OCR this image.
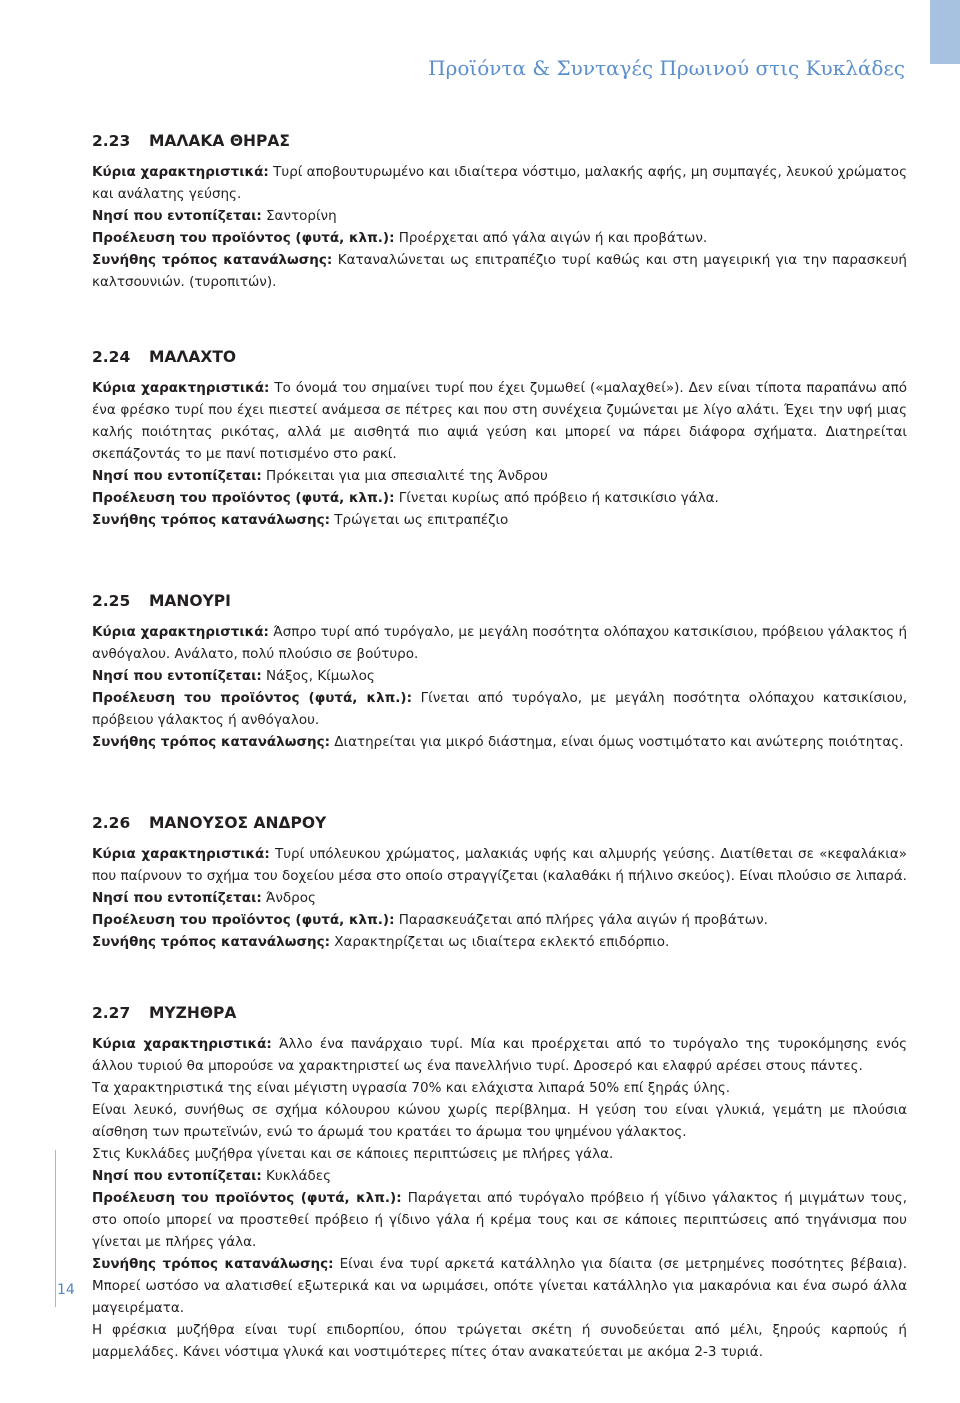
Προϊόντα & Συνταγές Πρωινού στις Κυκλάδες
2.23 ΜΑΛΑΚΑ ΘΗΡΑΣ

Κύρια χαρακτηριστικά: Τυρί αποβουτυρωμένο και ιδιαίτερα νόστιμο, μαλακής αφής, μη συμπαγές, λευκού χρώματος και ανάλατης γεύσης.

Νησί που εντοπίζεται: Σαντορίνη

Προέλευση του προϊόντος (φυτά, κλπ.): Προέρχεται από γάλα αιγών ή και προβάτων.

Συνήθης τρόπος κατανάλωσης: Καταναλώνεται ως επιτραπέζιο τυρί καθώς και στη μαγειρική για την παρασκευή καλτσουνιών. (τυροπιτών).

2.24 ΜΑΛΑΧΤΟ

Κύρια χαρακτηριστικά: Το όνομά του σημαίνει τυρί που έχει ζυμωθεί («μαλαχθεί»). Δεν είναι τίποτα παραπάνω από ένα φρέσκο τυρί που έχει πιεστεί ανάμεσα σε πέτρες και που στη συνέχεια ζυμώνεται με λίγο αλάτι. Έχει την υφή μιας καλής ποιότητας ρικότας, αλλά με αισθητά πιο αψιά γεύση και μπορεί να πάρει διάφορα σχήματα. Διατηρείται σκεπάζοντάς το με πανί ποτισμένο στο ρακί.

Νησί που εντοπίζεται: Πρόκειται για μια σπεσιαλιτέ της Άνδρου

Προέλευση του προϊόντος (φυτά, κλπ.): Γίνεται κυρίως από πρόβειο ή κατσικίσιο γάλα.

Συνήθης τρόπος κατανάλωσης: Τρώγεται ως επιτραπέζιο

2.25 ΜΑΝΟΥΡΙ

Κύρια χαρακτηριστικά: Άσπρο τυρί από τυρόγαλο, με μεγάλη ποσότητα ολόπαχου κατσικίσιου, πρόβειου γάλακτος ή ανθόγαλου. Ανάλατο, πολύ πλούσιο σε βούτυρο.

Νησί που εντοπίζεται: Νάξος, Κίμωλος

Προέλευση του προϊόντος (φυτά, κλπ.): Γίνεται από τυρόγαλο, με μεγάλη ποσότητα ολόπαχου κατσικίσιου, πρόβειου γάλακτος ή ανθόγαλου.

Συνήθης τρόπος κατανάλωσης: Διατηρείται για μικρό διάστημα, είναι όμως νοστιμότατο και ανώτερης ποιότητας.

2.26 ΜΑΝΟΥΣΟΣ ΑΝΔΡΟΥ

Κύρια χαρακτηριστικά: Τυρί υπόλευκου χρώματος, μαλακιάς υφής και αλμυρής γεύσης. Διατίθεται σε «κεφαλάκια» που παίρνουν το σχήμα του δοχείου μέσα στο οποίο στραγγίζεται (καλαθάκι ή πήλινο σκεύος). Είναι πλούσιο σε λιπαρά.

Νησί που εντοπίζεται: Άνδρος

Προέλευση του προϊόντος (φυτά, κλπ.): Παρασκευάζεται από πλήρες γάλα αιγών ή προβάτων.

Συνήθης τρόπος κατανάλωσης: Χαρακτηρίζεται ως ιδιαίτερα εκλεκτό επιδόρπιο.

2.27 ΜΥΖΗΘΡΑ

Κύρια χαρακτηριστικά: Άλλο ένα πανάρχαιο τυρί. Μία και προέρχεται από το τυρόγαλο της τυροκόμησης ενός άλλου τυριού θα μπορούσε να χαρακτηριστεί ως ένα πανελλήνιο τυρί. Δροσερό και ελαφρύ αρέσει στους πάντες.

Τα χαρακτηριστικά της είναι μέγιστη υγρασία 70% και ελάχιστα λιπαρά 50% επί ξηράς ύλης.

Είναι λευκό, συνήθως σε σχήμα κόλουρου κώνου χωρίς περίβλημα. Η γεύση του είναι γλυκιά, γεμάτη με πλούσια αίσθηση των πρωτεϊνών, ενώ το άρωμά του κρατάει το άρωμα του ψημένου γάλακτος.

Στις Κυκλάδες μυζήθρα γίνεται και σε κάποιες περιπτώσεις με πλήρες γάλα.

Νησί που εντοπίζεται: Κυκλάδες

Προέλευση του προϊόντος (φυτά, κλπ.): Παράγεται από τυρόγαλο πρόβειο ή γίδινο γάλακτος ή μιγμάτων τους, στο οποίο μπορεί να προστεθεί πρόβειο ή γίδινο γάλα ή κρέμα τους και σε κάποιες περιπτώσεις από τηγάνισμα που γίνεται με πλήρες γάλα.

Συνήθης τρόπος κατανάλωσης: Είναι ένα τυρί αρκετά κατάλληλο για δίαιτα (σε μετρημένες ποσότητες βέβαια). Μπορεί ωστόσο να αλατισθεί εξωτερικά και να ωριμάσει, οπότε γίνεται κατάλληλο για μακαρόνια και ένα σωρό άλλα μαγειρέματα.

Η φρέσκια μυζήθρα είναι τυρί επιδορπίου, όπου τρώγεται σκέτη ή συνοδεύεται από μέλι, ξηρούς καρπούς ή μαρμελάδες. Κάνει νόστιμα γλυκά και νοστιμότερες πίτες όταν ανακατεύεται με ακόμα 2-3 τυριά.

14
